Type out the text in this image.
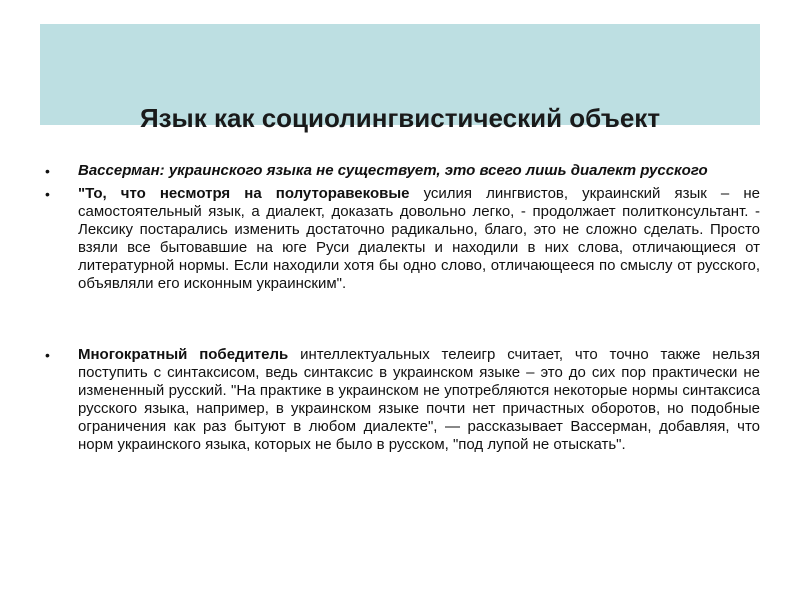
Язык как социолингвистический объект
• Вассерман: украинского языка не существует, это всего лишь диалект русского
• "То, что несмотря на полуторавековые усилия лингвистов, украинский язык – не самостоятельный язык, а диалект, доказать довольно легко, - продолжает политконсультант. - Лексику постарались изменить достаточно радикально, благо, это не сложно сделать. Просто взяли все бытовавшие на юге Руси диалекты и находили в них слова, отличающиеся от литературной нормы. Если находили хотя бы одно слово, отличающееся по смыслу от русского, объявляли его исконным украинским".
• Многократный победитель интеллектуальных телеигр считает, что точно также нельзя поступить с синтаксисом, ведь синтаксис в украинском языке – это до сих пор практически не измененный русский. "На практике в украинском не употребляются некоторые нормы синтаксиса русского языка, например, в украинском языке почти нет причастных оборотов, но подобные ограничения как раз бытуют в любом диалекте", — рассказывает Вассерман, добавляя, что норм украинского языка, которых не было в русском, "под лупой не отыскать".
